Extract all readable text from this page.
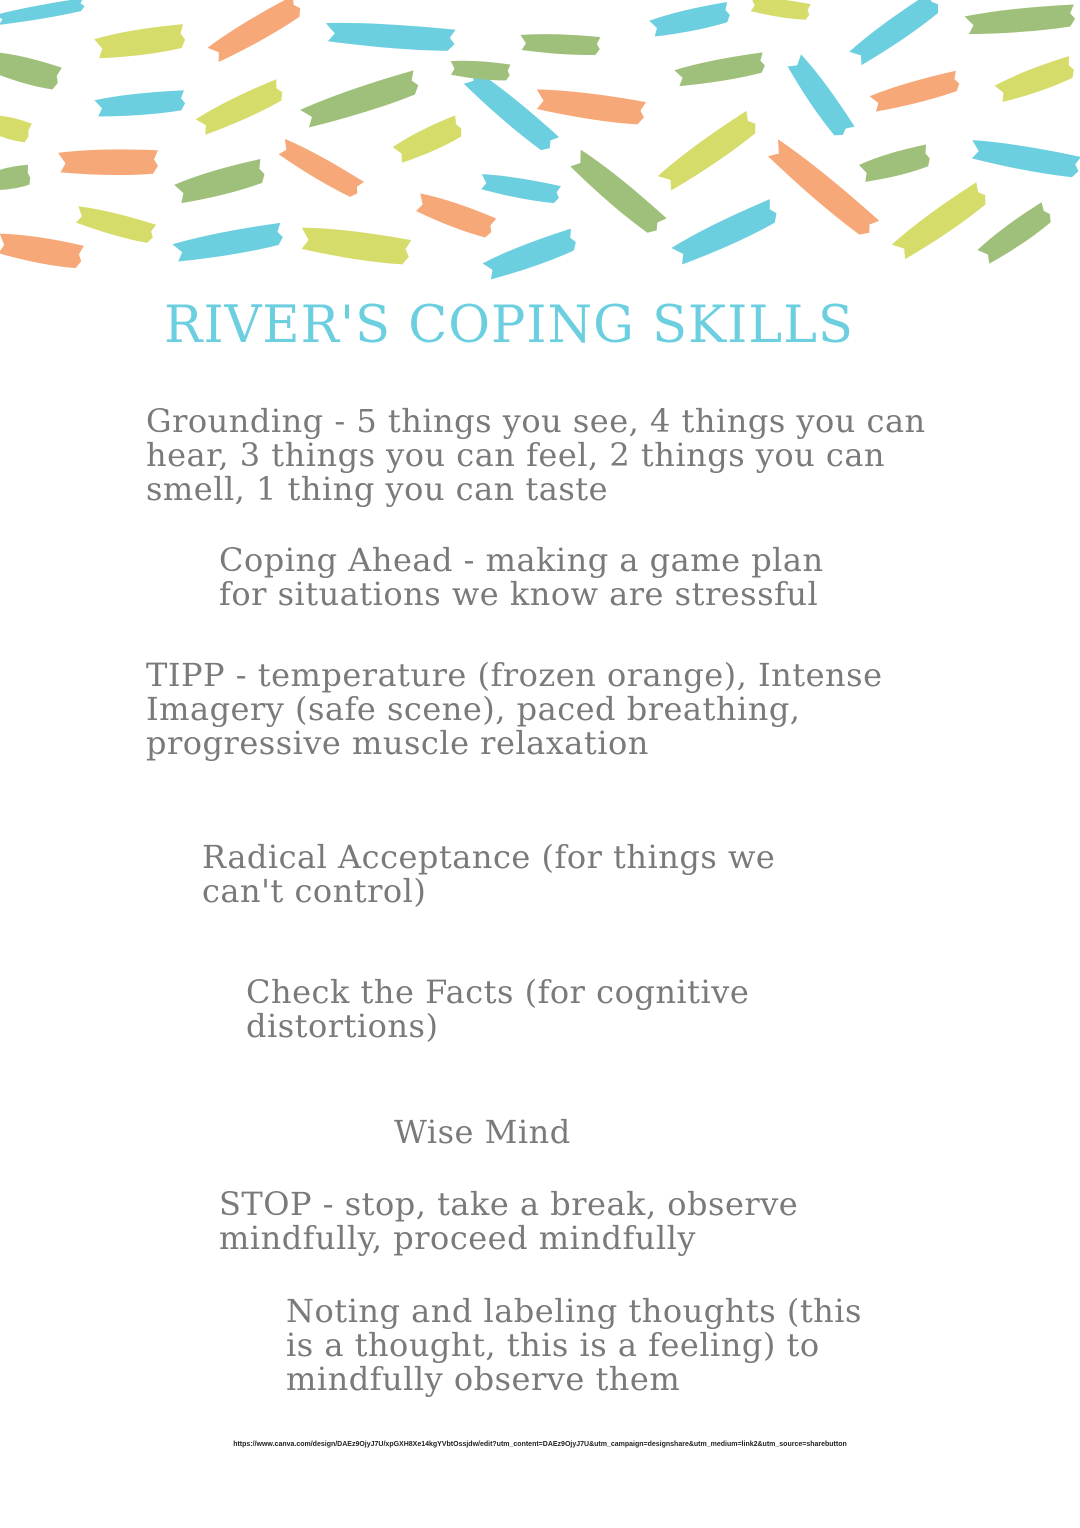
RIVER'S COPING SKILLS
Grounding - 5 things you see, 4 things you can
hear, 3 things you can feel, 2 things you can
smell, 1 thing you can taste
Coping Ahead - making a game plan
for situations we know are stressful
TIPP - temperature (frozen orange), Intense
Imagery (safe scene), paced breathing,
progressive muscle relaxation
Radical Acceptance (for things we
can't control)
Check the Facts (for cognitive
distortions)
Wise Mind
STOP - stop, take a break, observe
mindfully, proceed mindfully
Noting and labeling thoughts (this
is a thought, this is a feeling) to
mindfully observe them
https://www.canva.com/design/DAEz9OjyJ7U/xpGXH8Xe14kgYVbtOssjdw/edit?utm_content=DAEz9OjyJ7U&utm_campaign=designshare&utm_medium=link2&utm_source=sharebutton
